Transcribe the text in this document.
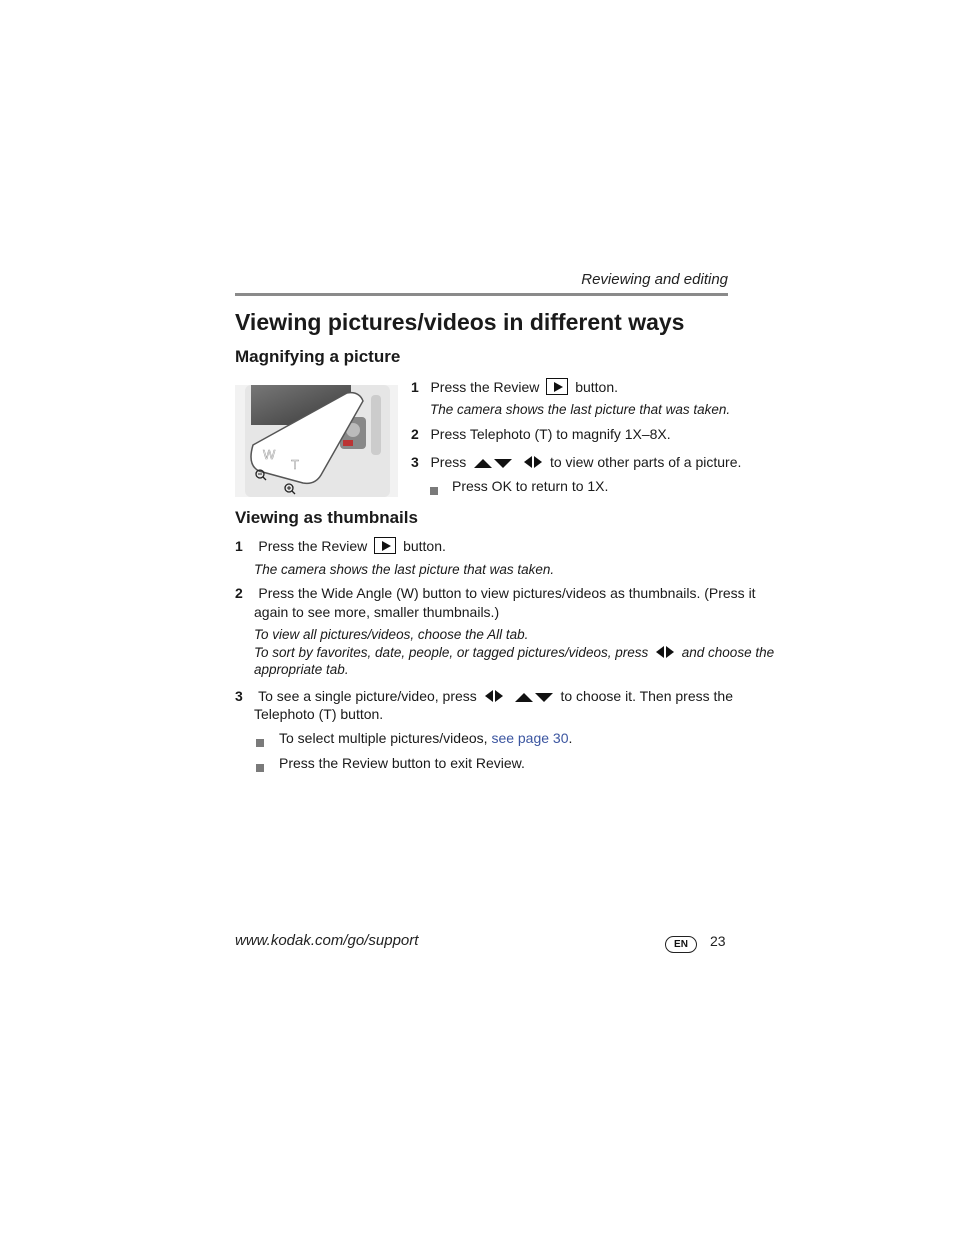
Reviewing and editing
Viewing pictures/videos in different ways
Magnifying a picture
W
T
1 Press the Review	button.
The camera shows the last picture that was taken.
2 Press Telephoto (T) to magnify 1X–8X.
3 Press
	to view other parts of a picture.
Press OK to return to 1X.
Viewing as thumbnails
1 Press the Review	button.
The camera shows the last picture that was taken.
2 Press the Wide Angle (W) button to view pictures/videos as thumbnails. (Press it
again to see more, smaller thumbnails.)
To view all pictures/videos, choose the All tab.
To sort by favorites, date, people, or tagged pictures/videos, press and choose the
appropriate tab.
3 To see a single picture/video, press
	to choose it. Then press the
Telephoto (T) button.
To select multiple pictures/videos, see page 30.
Press the Review button to exit Review.
www.kodak.com/go/support	EN	23
